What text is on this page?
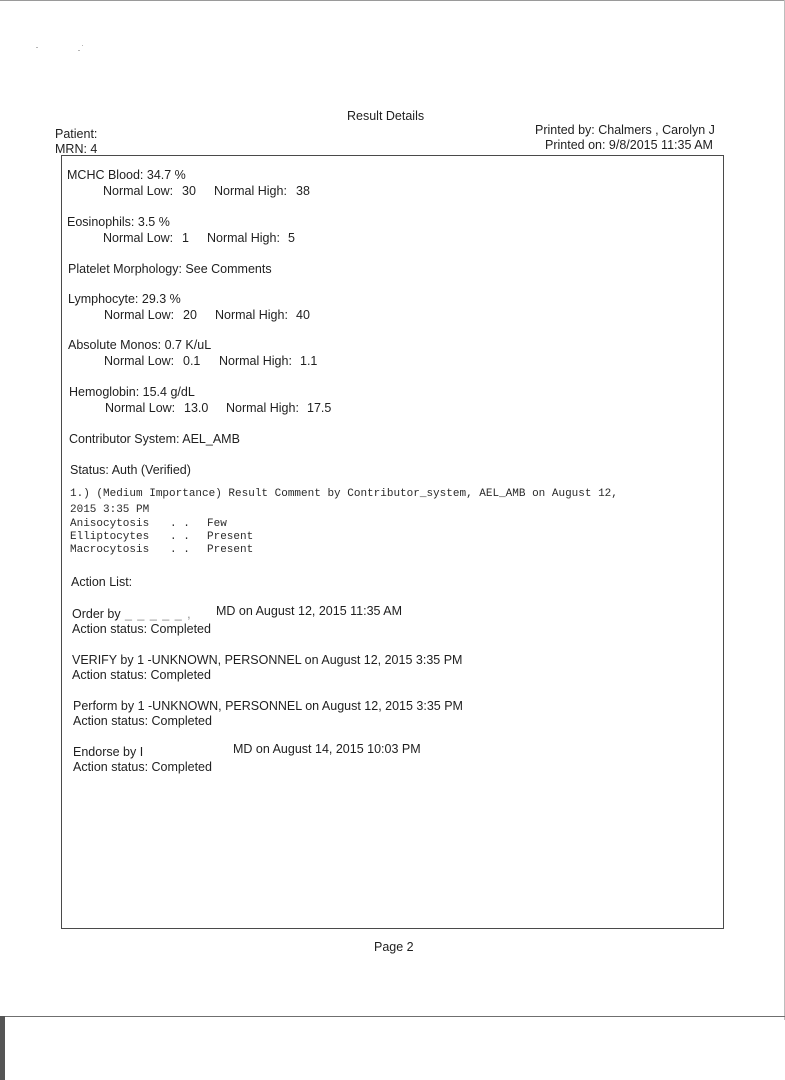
Result Details
Patient:
MRN: 4
Printed by: Chalmers , Carolyn J
Printed on: 9/8/2015 11:35 AM
MCHC Blood: 34.7 %
Normal Low: 30 Normal High: 38
Eosinophils: 3.5 %
Normal Low: 1 Normal High: 5
Platelet Morphology: See Comments
Lymphocyte: 29.3 %
Normal Low: 20 Normal High: 40
Absolute Monos: 0.7 K/uL
Normal Low: 0.1 Normal High: 1.1
Hemoglobin: 15.4 g/dL
Normal Low: 13.0 Normal High: 17.5
Contributor System: AEL_AMB
Status: Auth (Verified)
1.) (Medium Importance) Result Comment by Contributor_system, AEL_AMB on August 12,
2015 3:35 PM
Anisocytosis . . Few
Elliptocytes . . Present
Macrocytosis . . Present
Action List:
Order by _ _ _ _ _ , MD on August 12, 2015 11:35 AM
Action status: Completed
VERIFY by 1 -UNKNOWN, PERSONNEL on August 12, 2015 3:35 PM
Action status: Completed
Perform by 1 -UNKNOWN, PERSONNEL on August 12, 2015 3:35 PM
Action status: Completed
Endorse by I	MD on August 14, 2015 10:03 PM
Action status: Completed
Page 2
